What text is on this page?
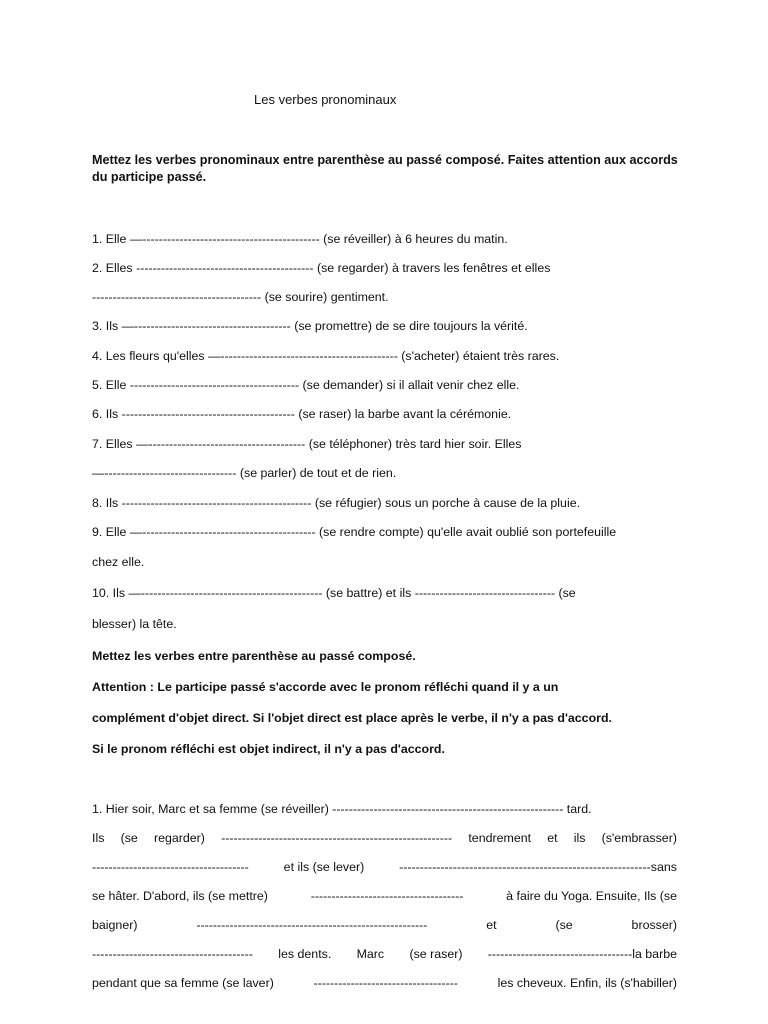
Les verbes pronominaux
Mettez les verbes pronominaux entre parenthèse au passé composé. Faites attention aux accords du participe passé.
1. Elle —------------------------------------------- (se réveiller) à 6 heures du matin.
2. Elles ------------------------------------------- (se regarder) à travers les fenêtres et elles
----------------------------------------- (se sourire) gentiment.
3. Ils —-------------------------------------- (se promettre) de se dire toujours la vérité.
4. Les fleurs qu'elles —------------------------------------------- (s'acheter) étaient très rares.
5. Elle ----------------------------------------- (se demander) si il allait venir chez elle.
6. Ils ------------------------------------------ (se raser) la barbe avant la cérémonie.
7. Elles —-------------------------------------- (se téléphoner) très tard hier soir. Elles
—-------------------------------- (se parler) de tout et de rien.
8. Ils ---------------------------------------------- (se réfugier) sous un porche à cause de la pluie.
9. Elle —------------------------------------------ (se rendre compte) qu'elle avait oublié son portefeuille
chez elle.
10. Ils —-------------------------------------------- (se battre) et ils ---------------------------------- (se
blesser) la tête.
Mettez les verbes entre parenthèse au passé composé.
Attention : Le participe passé s'accorde avec le pronom réfléchi quand il y a un
complément d'objet direct. Si l'objet direct est place après le verbe, il n'y a pas d'accord.
Si le pronom réfléchi est objet indirect, il n'y a pas d'accord.
1. Hier soir, Marc et sa femme (se réveiller) -------------------------------------------------------- tard.
Ils (se regarder) -------------------------------------------------------- tendrement et ils (s'embrasser)
--------------------------------------	et ils (se lever)	-------------------------------------------------------------sans
se hâter. D'abord, ils (se mettre)	-------------------------------------	à faire du Yoga. Ensuite, Ils (se
baigner)	--------------------------------------------------------	et	(se	brosser)
--------------------------------------- les dents. Marc (se raser) -----------------------------------la barbe
pendant que sa femme (se laver)	-----------------------------------	les cheveux. Enfin, ils (s'habiller)
